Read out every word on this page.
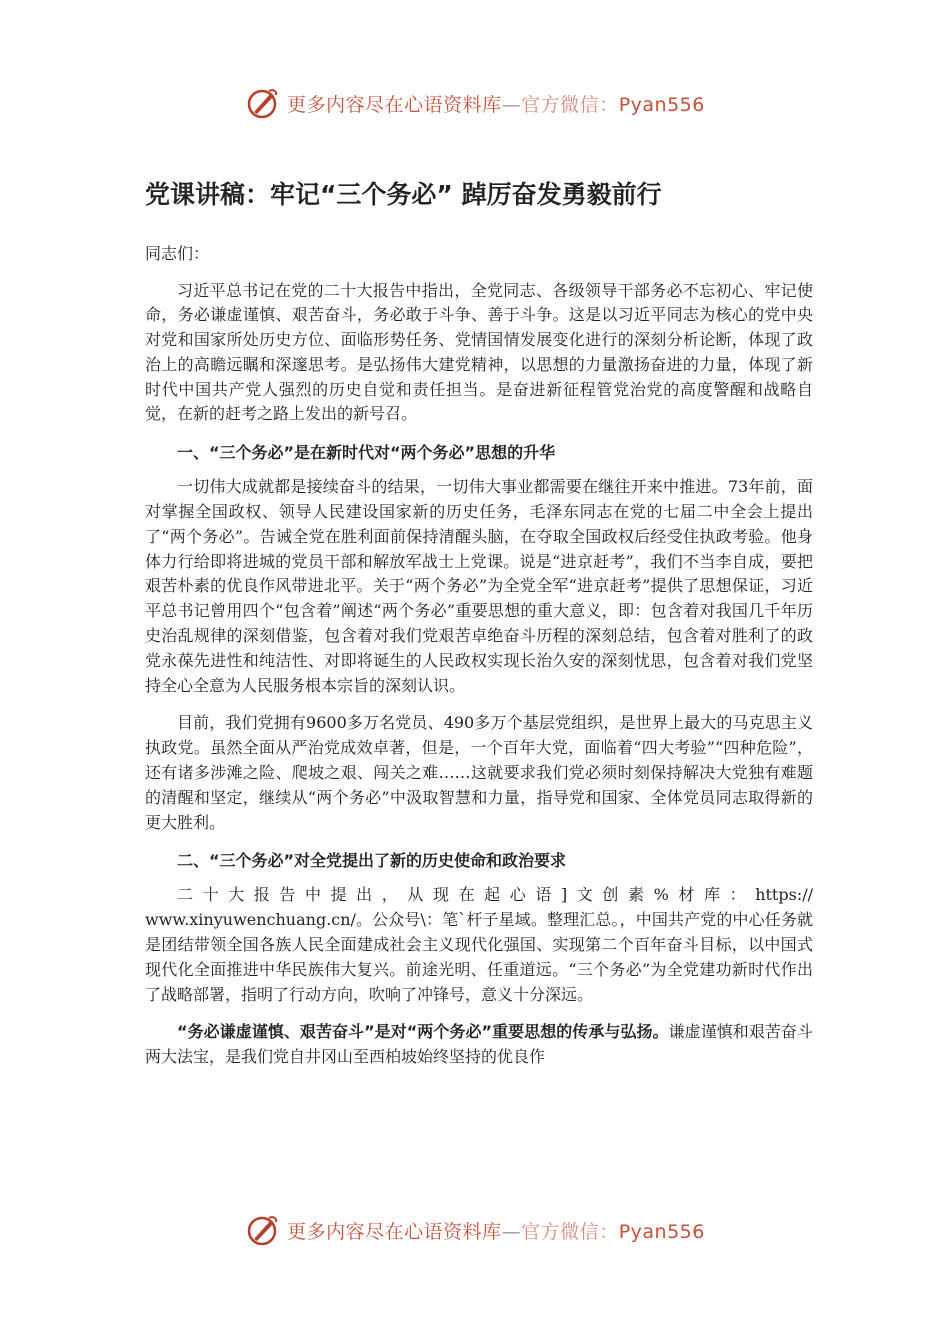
更多内容尽在心语资料库—官方微信：Pyan556
党课讲稿：牢记“三个务必” 踔厉奋发勇毅前行
同志们：

习近平总书记在党的二十大报告中指出，全党同志、各级领导干部务必不忘初心、牢记使命，务必谦虚谨慎、艰苦奋斗，务必敢于斗争、善于斗争。这是以习近平同志为核心的党中央对党和国家所处历史方位、面临形势任务、党情国情发展变化进行的深刻分析论断，体现了政治上的高瞻远瞩和深邃思考。是弘扬伟大建党精神，以思想的力量激扬奋进的力量，体现了新时代中国共产党人强烈的历史自觉和责任担当。是奋进新征程管党治党的高度警醒和战略自觉，在新的赶考之路上发出的新号召。

一、“三个务必”是在新时代对“两个务必”思想的升华

一切伟大成就都是接续奋斗的结果，一切伟大事业都需要在继往开来中推进。73年前，面对掌握全国政权、领导人民建设国家新的历史任务，毛泽东同志在党的七届二中全会上提出了“两个务必”。告诫全党在胜利面前保持清醒头脑，在夺取全国政权后经受住执政考验。他身体力行给即将进城的党员干部和解放军战士上党课。说是“进京赶考”，我们不当李自成，要把艰苦朴素的优良作风带进北平。关于“两个务必”为全党全军“进京赶考”提供了思想保证，习近平总书记曾用四个“包含着”阐述“两个务必”重要思想的重大意义，即：包含着对我国几千年历史治乱规律的深刻借鉴，包含着对我们党艰苦卓绝奋斗历程的深刻总结，包含着对胜利了的政党永葆先进性和纯洁性、对即将诞生的人民政权实现长治久安的深刻忧思，包含着对我们党坚持全心全意为人民服务根本宗旨的深刻认识。

目前，我们党拥有9600多万名党员、490多万个基层党组织，是世界上最大的马克思主义执政党。虽然全面从严治党成效卓著，但是，一个百年大党，面临着“四大考验”“四种危险”，还有诸多涉滩之险、爬坡之艰、闯关之难……这就要求我们党必须时刻保持解决大党独有难题的清醒和坚定，继续从“两个务必”中汲取智慧和力量，指导党和国家、全体党员同志取得新的更大胜利。

二、“三个务必”对全党提出了新的历史使命和政治要求

二十大报告中提出，从现在起心语]文创素%材库：https://
www.xinyuwenchuang.cn/。公众号\：笔`杆子星域。整理汇总。，中国共产党的中心任务就是团结带领全国各族人民全面建成社会主义现代化强国、实现第二个百年奋斗目标，以中国式现代化全面推进中华民族伟大复兴。前途光明、任重道远。“三个务必”为全党建功新时代作出了战略部署，指明了行动方向，吹响了冲锋号，意义十分深远。

“务必谦虚谨慎、艰苦奋斗”是对“两个务必”重要思想的传承与弘扬。谦虚谨慎和艰苦奋斗两大法宝，是我们党自井冈山至西柏坡始终坚持的优良作

更多内容尽在心语资料库—官方微信：Pyan556
